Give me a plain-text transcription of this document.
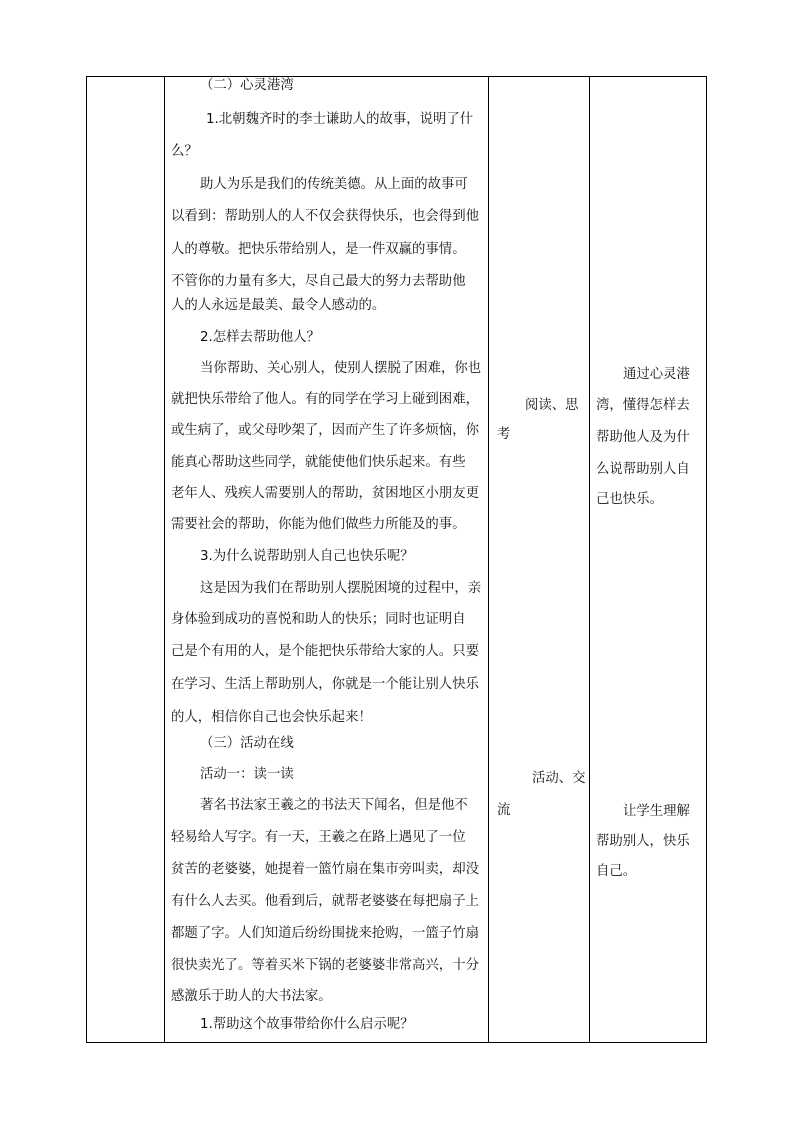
（二）心灵港湾
1.北朝魏齐时的李士谦助人的故事，说明了什
么？
助人为乐是我们的传统美德。从上面的故事可
以看到：帮助别人的人不仅会获得快乐，也会得到他
人的尊敬。把快乐带给别人，是一件双赢的事情。
不管你的力量有多大，尽自己最大的努力去帮助他
人的人永远是最美、最令人感动的。
2.怎样去帮助他人？
当你帮助、关心别人，使别人摆脱了困难，你也
就把快乐带给了他人。有的同学在学习上碰到困难，
或生病了，或父母吵架了，因而产生了许多烦恼，你
能真心帮助这些同学，就能使他们快乐起来。有些
老年人、残疾人需要别人的帮助，贫困地区小朋友更
需要社会的帮助，你能为他们做些力所能及的事。
3.为什么说帮助别人自己也快乐呢？
这是因为我们在帮助别人摆脱困境的过程中，亲
身体验到成功的喜悦和助人的快乐；同时也证明自
己是个有用的人，是个能把快乐带给大家的人。只要
在学习、生活上帮助别人，你就是一个能让别人快乐
的人，相信你自己也会快乐起来！
（三）活动在线
活动一：读一读
著名书法家王羲之的书法天下闻名，但是他不
轻易给人写字。有一天，王羲之在路上遇见了一位
贫苦的老婆婆，她提着一篮竹扇在集市旁叫卖，却没
有什么人去买。他看到后，就帮老婆婆在每把扇子上
都题了字。人们知道后纷纷围拢来抢购，一篮子竹扇
很快卖光了。等着买米下锅的老婆婆非常高兴，十分
感激乐于助人的大书法家。
1.帮助这个故事带给你什么启示呢？
阅读、思
考
活动、交
流
通过心灵港
湾，懂得怎样去
帮助他人及为什
么说帮助别人自
己也快乐。
让学生理解
帮助别人，快乐
自己。
